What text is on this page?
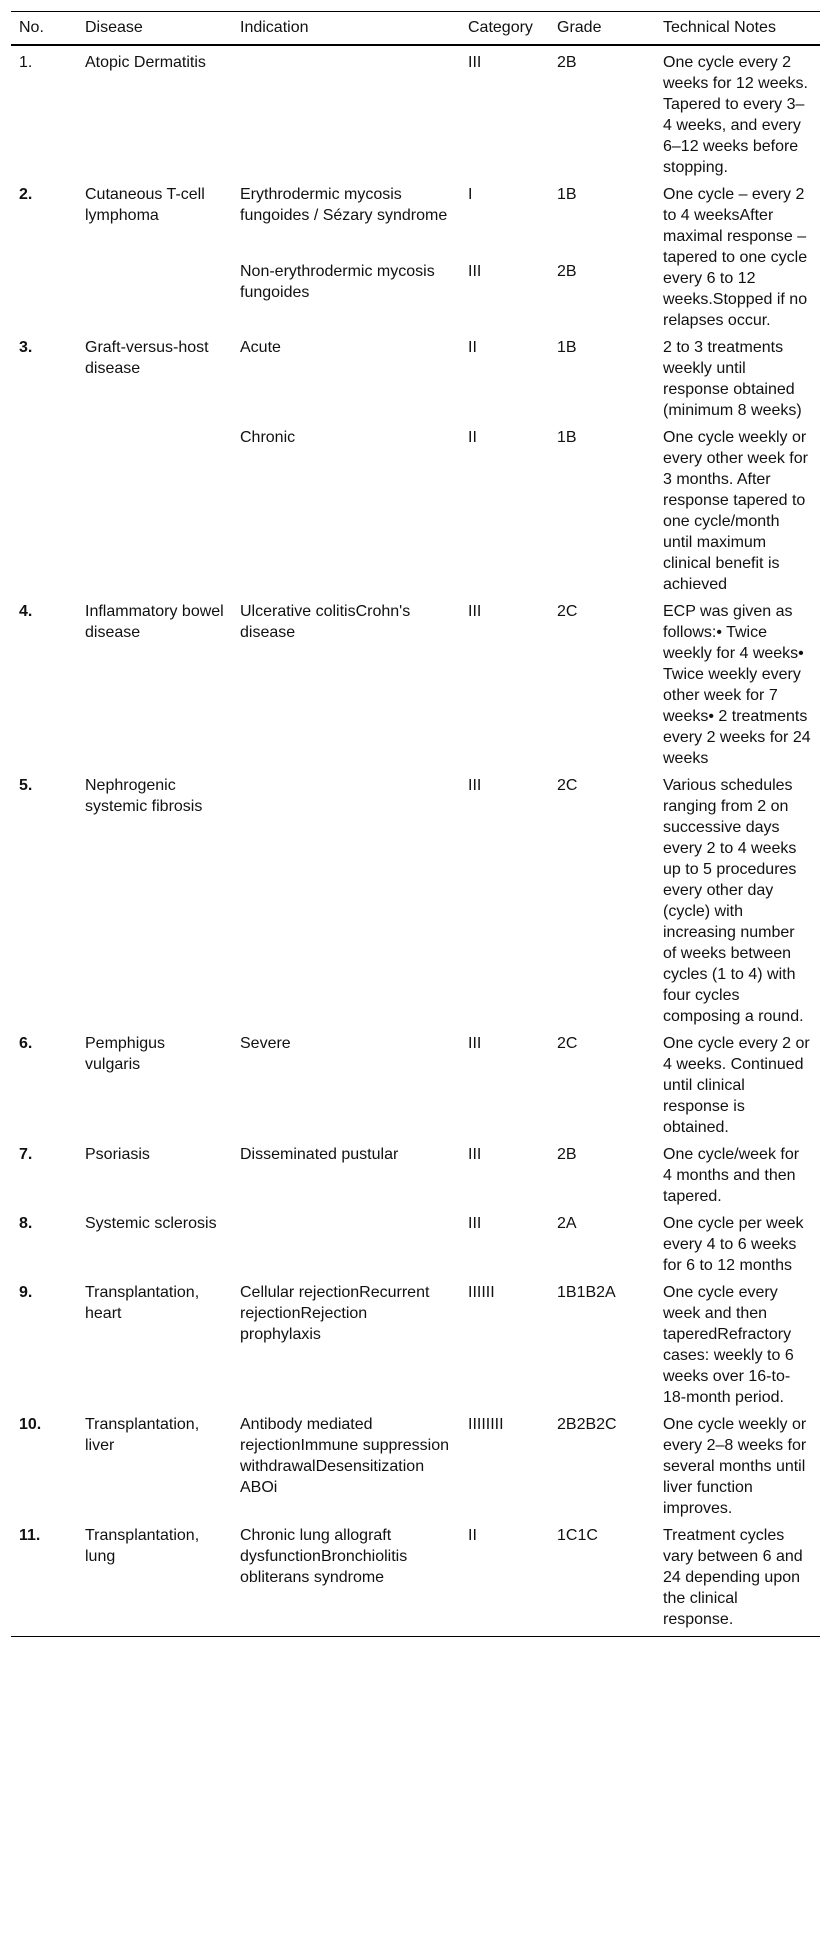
No.	Disease	Indication	Category	Grade	Technical Notes
1.	Atopic Dermatitis		III	2B	One cycle every 2 weeks for 12 weeks. Tapered to every 3–4 weeks, and every 6–12 weeks before stopping.
2.	Cutaneous T-cell lymphoma	Erythrodermic mycosis fungoides / Sézary syndrome	I	1B	One cycle – every 2 to 4 weeksAfter maximal response – tapered to one cycle every 6 to 12 weeks.Stopped if no relapses occur.
		Non-erythrodermic mycosis fungoides	III	2B	
3.	Graft-versus-host disease	Acute	II	1B	2 to 3 treatments weekly until response obtained (minimum 8 weeks)
		Chronic	II	1B	One cycle weekly or every other week for 3 months. After response tapered to one cycle/month until maximum clinical benefit is achieved
4.	Inflammatory bowel disease	Ulcerative colitisCrohn's disease	III	2C	ECP was given as follows:• Twice weekly for 4 weeks• Twice weekly every other week for 7 weeks• 2 treatments every 2 weeks for 24 weeks
5.	Nephrogenic systemic fibrosis		III	2C	Various schedules ranging from 2 on successive days every 2 to 4 weeks up to 5 procedures every other day (cycle) with increasing number of weeks between cycles (1 to 4) with four cycles composing a round.
6.	Pemphigus vulgaris	Severe	III	2C	One cycle every 2 or 4 weeks. Continued until clinical response is obtained.
7.	Psoriasis	Disseminated pustular	III	2B	One cycle/week for 4 months and then tapered.
8.	Systemic sclerosis		III	2A	One cycle per week every 4 to 6 weeks for 6 to 12 months
9.	Transplantation, heart	Cellular rejectionRecurrent rejectionRejection prophylaxis	IIIIII	1B1B2A	One cycle every week and then taperedRefractory cases: weekly to 6 weeks over 16-to-18-month period.
10.	Transplantation, liver	Antibody mediated rejectionImmune suppression withdrawalDesensitization ABOi	IIIIIIII	2B2B2C	One cycle weekly or every 2–8 weeks for several months until liver function improves.
11.	Transplantation, lung	Chronic lung allograft dysfunctionBronchiolitis obliterans syndrome	II	1C1C	Treatment cycles vary between 6 and 24 depending upon the clinical response.
